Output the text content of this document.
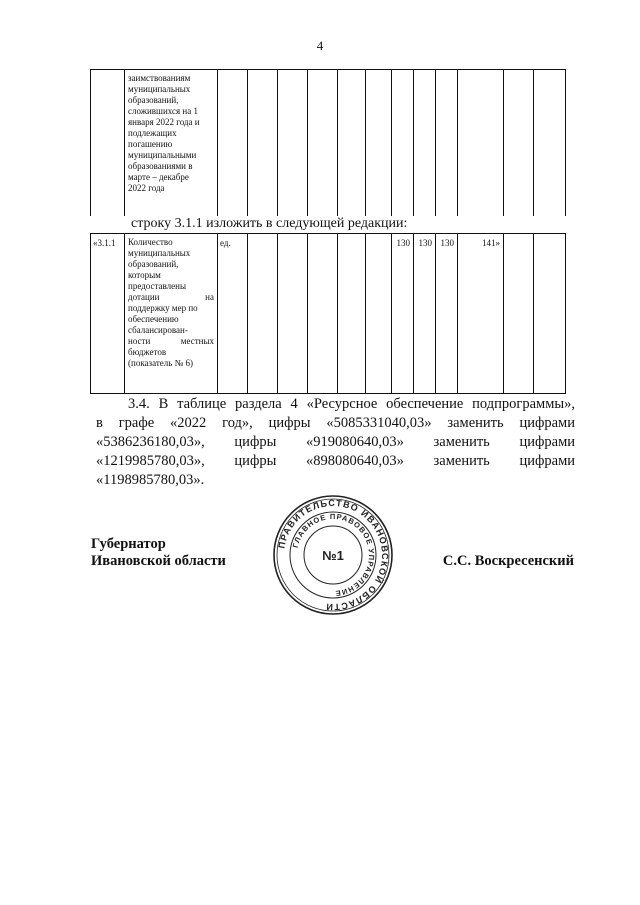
4

заимствованиям
муниципальных
образований,
сложившихся на 1
января 2022 года и
подлежащих
погашению
муниципальными
образованиями в
марте – декабре
2022 года

строку 3.1.1 изложить в следующей редакции:
«3.1.1	Количество
муниципальных
образований,
которым
предоставлены
дотации на
поддержку мер по
обеспечению
сбалансирован-
ности местных
бюджетов
(показатель № 6)

ед.						130	130	130	141»

3.4. В таблице раздела 4 «Ресурсное обеспечение подпрограммы»,
в графе «2022 год», цифры «5085331040,03» заменить цифрами
«5386236180,03», цифры «919080640,03» заменить цифрами
«1219985780,03», цифры «898080640,03» заменить цифрами
«1198985780,03».
Губернатор
Ивановской области
ПРАВИТЕЛЬСТВО ИВАНОВСКОЙ ОБЛАСТИ
ГЛАВНОЕ ПРАВОВОЕ УПРАВЛЕНИЕ
№1	С.С. Воскресенский
